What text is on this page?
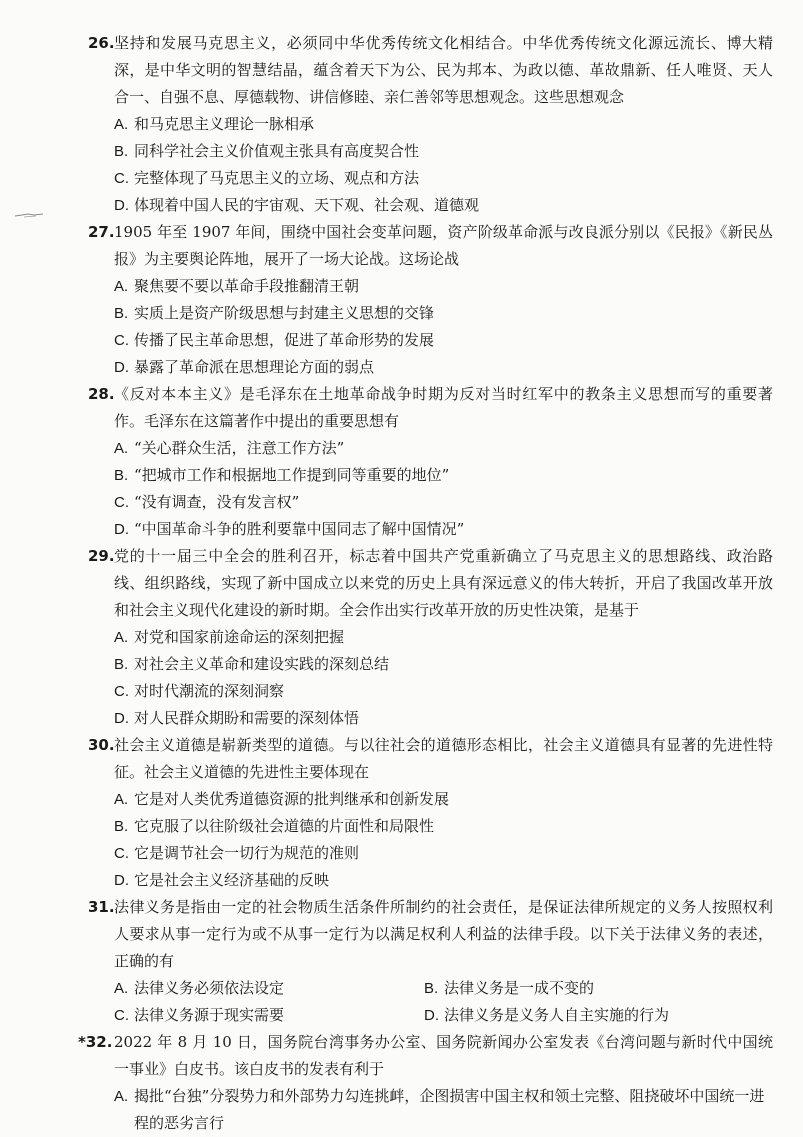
26. 坚持和发展马克思主义，必须同中华优秀传统文化相结合。中华优秀传统文化源远流长、博大精深，是中华文明的智慧结晶，蕴含着天下为公、民为邦本、为政以德、革故鼎新、任人唯贤、天人合一、自强不息、厚德载物、讲信修睦、亲仁善邻等思想观念。这些思想观念
A. 和马克思主义理论一脉相承
B. 同科学社会主义价值观主张具有高度契合性
C. 完整体现了马克思主义的立场、观点和方法
D. 体现着中国人民的宇宙观、天下观、社会观、道德观
27. 1905 年至 1907 年间，围绕中国社会变革问题，资产阶级革命派与改良派分别以《民报》《新民丛报》为主要舆论阵地，展开了一场大论战。这场论战
A. 聚焦要不要以革命手段推翻清王朝
B. 实质上是资产阶级思想与封建主义思想的交锋
C. 传播了民主革命思想，促进了革命形势的发展
D. 暴露了革命派在思想理论方面的弱点
28. 《反对本本主义》是毛泽东在土地革命战争时期为反对当时红军中的教条主义思想而写的重要著作。毛泽东在这篇著作中提出的重要思想有
A. “关心群众生活，注意工作方法”
B. “把城市工作和根据地工作提到同等重要的地位”
C. “没有调查，没有发言权”
D. “中国革命斗争的胜利要靠中国同志了解中国情况”
29. 党的十一届三中全会的胜利召开，标志着中国共产党重新确立了马克思主义的思想路线、政治路线、组织路线，实现了新中国成立以来党的历史上具有深远意义的伟大转折，开启了我国改革开放和社会主义现代化建设的新时期。全会作出实行改革开放的历史性决策，是基于
A. 对党和国家前途命运的深刻把握
B. 对社会主义革命和建设实践的深刻总结
C. 对时代潮流的深刻洞察
D. 对人民群众期盼和需要的深刻体悟
30. 社会主义道德是崭新类型的道德。与以往社会的道德形态相比，社会主义道德具有显著的先进性特征。社会主义道德的先进性主要体现在
A. 它是对人类优秀道德资源的批判继承和创新发展
B. 它克服了以往阶级社会道德的片面性和局限性
C. 它是调节社会一切行为规范的准则
D. 它是社会主义经济基础的反映
31. 法律义务是指由一定的社会物质生活条件所制约的社会责任，是保证法律所规定的义务人按照权利人要求从事一定行为或不从事一定行为以满足权利人利益的法律手段。以下关于法律义务的表述，正确的有
A. 法律义务必须依法设定	B. 法律义务是一成不变的
C. 法律义务源于现实需要	D. 法律义务是义务人自主实施的行为
*32. 2022 年 8 月 10 日，国务院台湾事务办公室、国务院新闻办公室发表《台湾问题与新时代中国统一事业》白皮书。该白皮书的发表有利于
A. 揭批“台独”分裂势力和外部势力勾连挑衅，企图损害中国主权和领土完整、阻挠破坏中国统一进程的恶劣言行
